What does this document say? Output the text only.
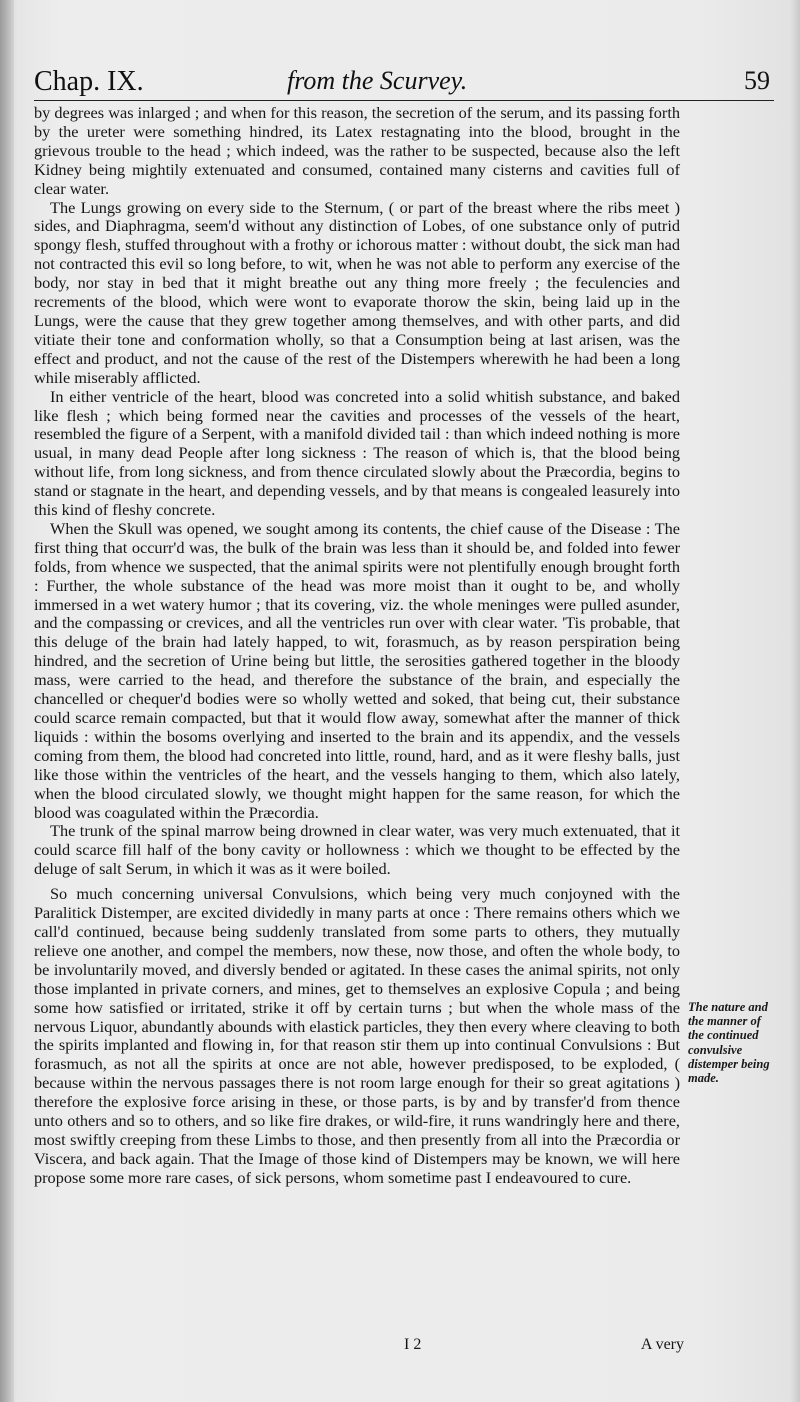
Chap. IX.	from the Scurvey.	59

by degrees was inlarged ; and when for this reason, the secretion of the serum, and its passing forth by the ureter were something hindred, its Latex restagnating into the blood, brought in the grievous trouble to the head ; which indeed, was the rather to be suspected, because also the left Kidney being mightily extenuated and consumed, contained many cisterns and cavities full of clear water.

The Lungs growing on every side to the Sternum, ( or part of the breast where the ribs meet ) sides, and Diaphragma, seem'd without any distinction of Lobes, of one substance only of putrid spongy flesh, stuffed throughout with a frothy or ichorous matter : without doubt, the sick man had not contracted this evil so long before, to wit, when he was not able to perform any exercise of the body, nor stay in bed that it might breathe out any thing more freely ; the feculencies and recrements of the blood, which were wont to evaporate thorow the skin, being laid up in the Lungs, were the cause that they grew together among themselves, and with other parts, and did vitiate their tone and conformation wholly, so that a Consumption being at last arisen, was the effect and product, and not the cause of the rest of the Distempers wherewith he had been a long while miserably afflicted.

In either ventricle of the heart, blood was concreted into a solid whitish substance, and baked like flesh ; which being formed near the cavities and processes of the vessels of the heart, resembled the figure of a Serpent, with a manifold divided tail : than which indeed nothing is more usual, in many dead People after long sickness : The reason of which is, that the blood being without life, from long sickness, and from thence circulated slowly about the Præcordia, begins to stand or stagnate in the heart, and depending vessels, and by that means is congealed leasurely into this kind of fleshy concrete.

When the Skull was opened, we sought among its contents, the chief cause of the Disease : The first thing that occurr'd was, the bulk of the brain was less than it should be, and folded into fewer folds, from whence we suspected, that the animal spirits were not plentifully enough brought forth : Further, the whole substance of the head was more moist than it ought to be, and wholly immersed in a wet watery humor ; that its covering, viz. the whole meninges were pulled asunder, and the compassing or crevices, and all the ventricles run over with clear water. 'Tis probable, that this deluge of the brain had lately happed, to wit, forasmuch, as by reason perspiration being hindred, and the secretion of Urine being but little, the serosities gathered together in the bloody mass, were carried to the head, and therefore the substance of the brain, and especially the chancelled or chequer'd bodies were so wholly wetted and soked, that being cut, their substance could scarce remain compacted, but that it would flow away, somewhat after the manner of thick liquids : within the bosoms overlying and inserted to the brain and its appendix, and the vessels coming from them, the blood had concreted into little, round, hard, and as it were fleshy balls, just like those within the ventricles of the heart, and the vessels hanging to them, which also lately, when the blood circulated slowly, we thought might happen for the same reason, for which the blood was coagulated within the Præcordia.

The trunk of the spinal marrow being drowned in clear water, was very much extenuated, that it could scarce fill half of the bony cavity or hollowness : which we thought to be effected by the deluge of salt Serum, in which it was as it were boiled.

So much concerning universal Convulsions, which being very much conjoyned with the Paralitick Distemper, are excited dividedly in many parts at once : There remains others which we call'd continued, because being suddenly translated from some parts to others, they mutually relieve one another, and compel the members, now these, now those, and often the whole body, to be involuntarily moved, and diversly bended or agitated. In these cases the animal spirits, not only those implanted in private corners, and mines, get to themselves an explosive Copula ; and being some how satisfied or irritated, strike it off by certain turns ; but when the whole mass of the nervous Liquor, abundantly abounds with elastick particles, they then every where cleaving to both the spirits implanted and flowing in, for that reason stir them up into continual Convulsions : But forasmuch, as not all the spirits at once are not able, however predisposed, to be exploded, ( because within the nervous passages there is not room large enough for their so great agitations ) therefore the explosive force arising in these, or those parts, is by and by transfer'd from thence unto others and so to others, and so like fire drakes, or wild-fire, it runs wandringly here and there, most swiftly creeping from these Limbs to those, and then presently from all into the Præcordia or Viscera, and back again. That the Image of those kind of Distempers may be known, we will here propose some more rare cases, of sick persons, whom sometime past I endeavoured to cure.

The nature and the manner of the continued convulsive distemper being made.
I 2	A very
